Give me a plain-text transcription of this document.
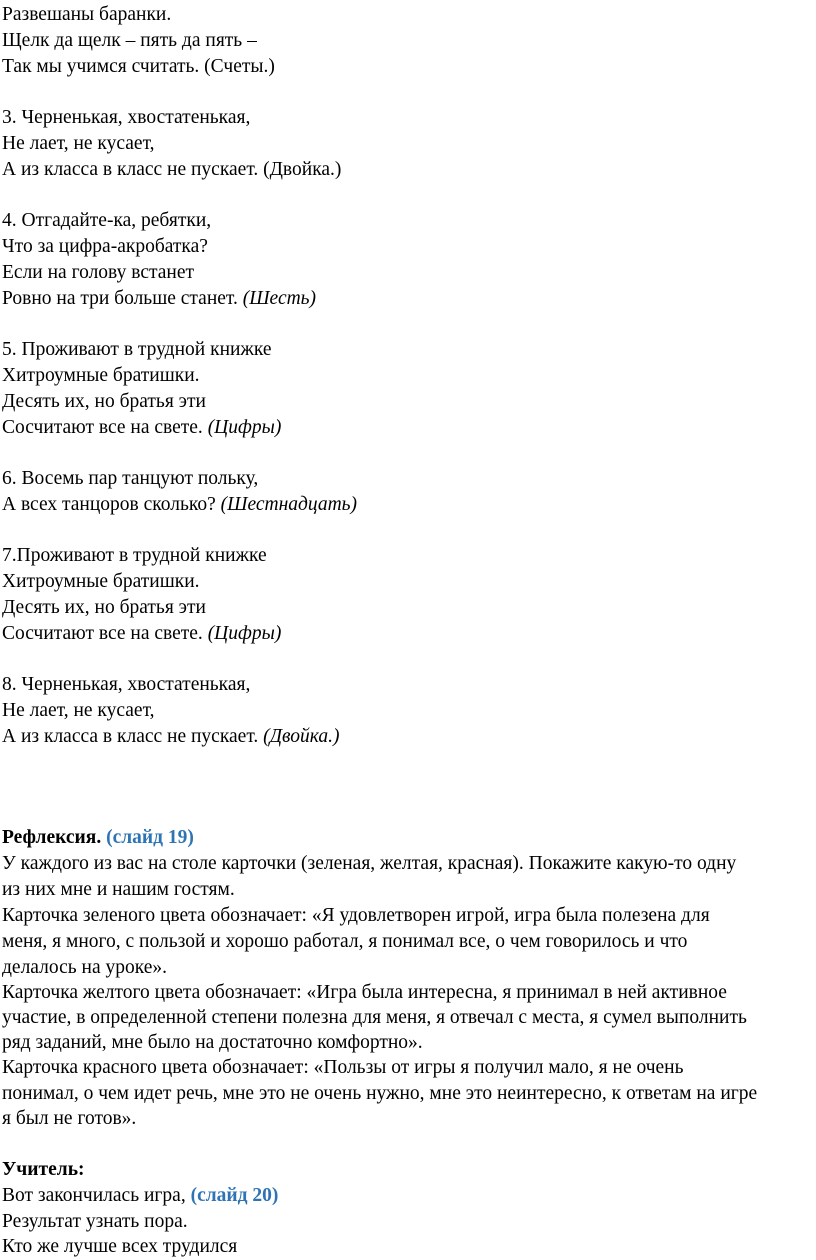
Развешаны баранки.
Щелк да щелк – пять да пять –
Так мы учимся считать. (Счеты.)
3. Черненькая, хвостатенькая,
Не лает, не кусает,
А из класса в класс не пускает. (Двойка.)
4. Отгадайте-ка, ребятки,
Что за цифра-акробатка?
Если на голову встанет
Ровно на три больше станет. (Шесть)
5. Проживают в трудной книжке
Хитроумные братишки.
Десять их, но братья эти
Сосчитают все на свете. (Цифры)
6. Восемь пар танцуют польку,
А всех танцоров сколько? (Шестнадцать)
7.Проживают в трудной книжке
Хитроумные братишки.
Десять их, но братья эти
Сосчитают все на свете. (Цифры)
8. Черненькая, хвостатенькая,
Не лает, не кусает,
А из класса в класс не пускает. (Двойка.)
Рефлексия. (слайд 19)
У каждого из вас на столе карточки (зеленая, желтая, красная). Покажите какую-то одну
из них мне и нашим гостям.
Карточка зеленого цвета обозначает: «Я удовлетворен игрой, игра была полезена для
меня, я много, с пользой и хорошо работал, я понимал все, о чем говорилось и что
делалось на уроке».
Карточка желтого цвета обозначает: «Игра была интересна, я принимал в ней активное
участие, в определенной степени полезна для меня, я отвечал с места, я сумел выполнить
ряд заданий, мне было на достаточно комфортно».
Карточка красного цвета обозначает: «Пользы от игры я получил мало, я не очень
понимал, о чем идет речь, мне это не очень нужно, мне это неинтересно, к ответам на игре
я был не готов».
Учитель:
Вот закончилась игра, (слайд 20)
Результат узнать пора.
Кто же лучше всех трудился
